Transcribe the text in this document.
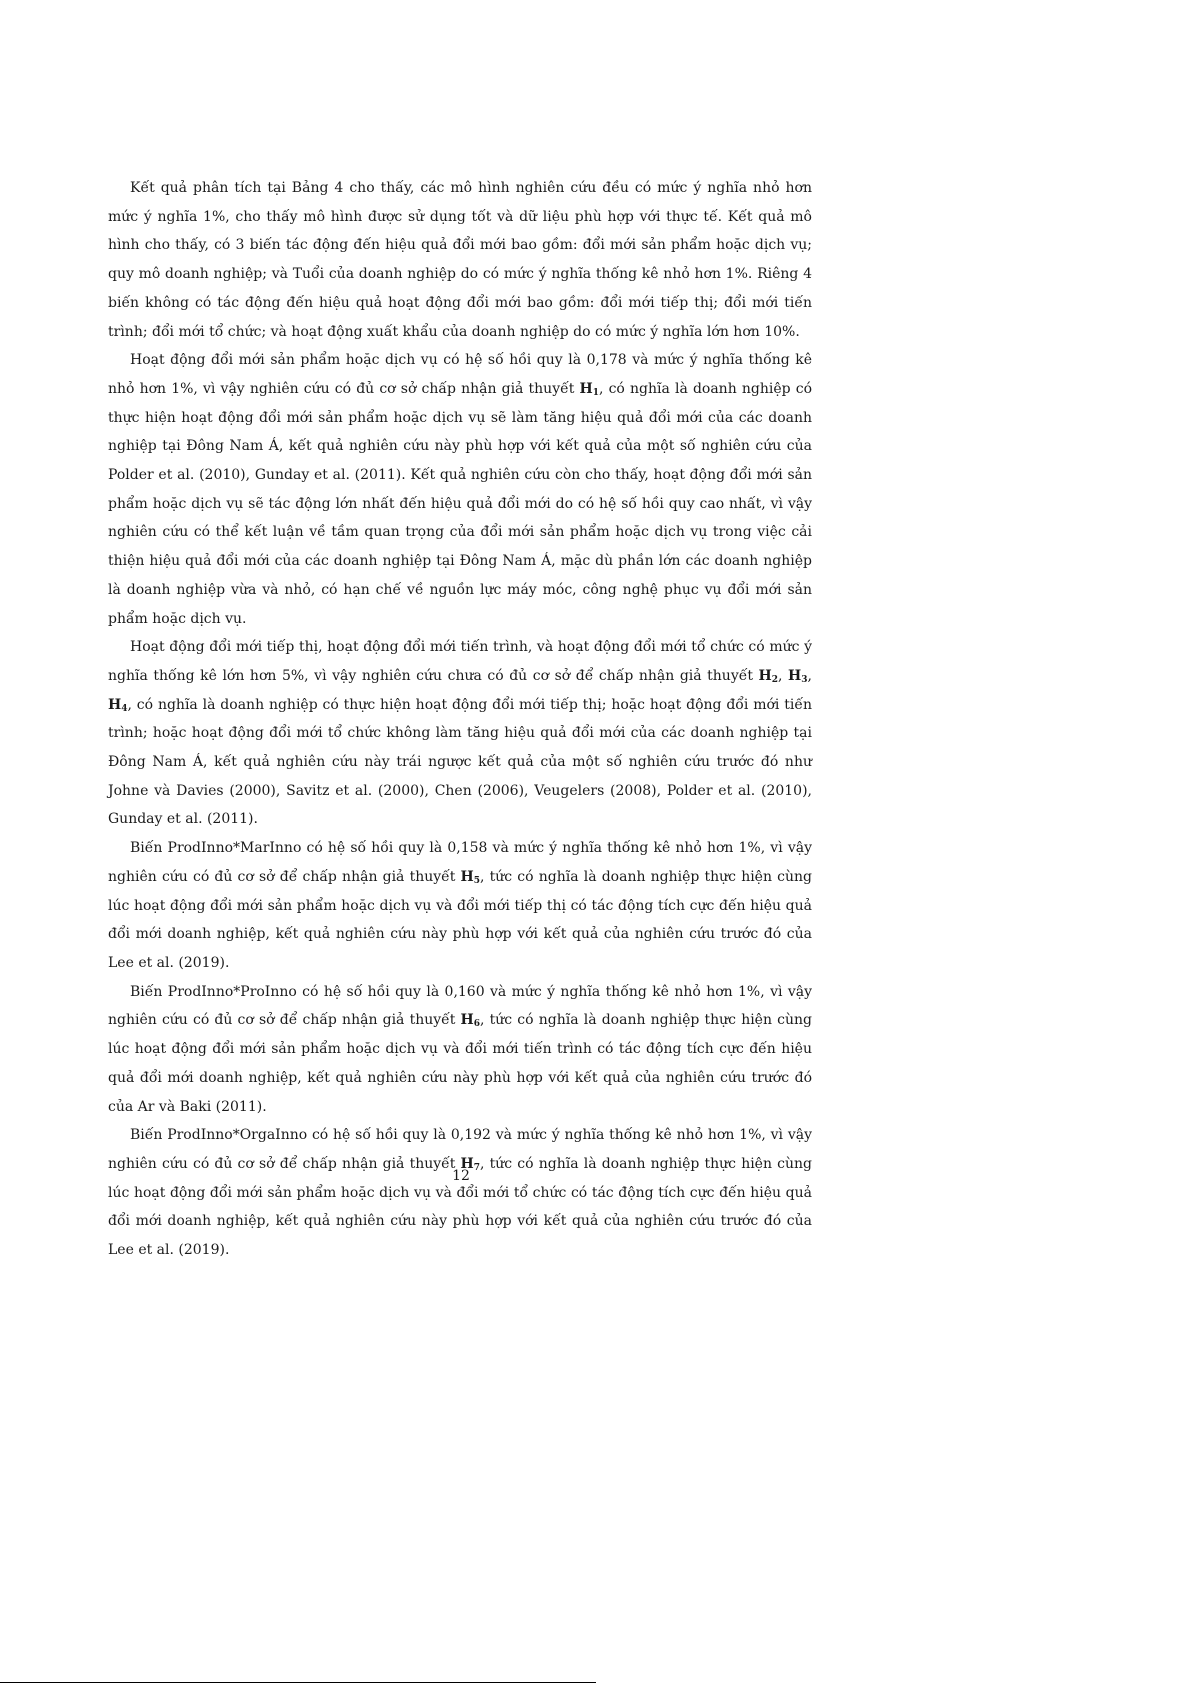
Kết quả phân tích tại Bảng 4 cho thấy, các mô hình nghiên cứu đều có mức ý nghĩa nhỏ hơn mức ý nghĩa 1%, cho thấy mô hình được sử dụng tốt và dữ liệu phù hợp với thực tế. Kết quả mô hình cho thấy, có 3 biến tác động đến hiệu quả đổi mới bao gồm: đổi mới sản phẩm hoặc dịch vụ; quy mô doanh nghiệp; và Tuổi của doanh nghiệp do có mức ý nghĩa thống kê nhỏ hơn 1%. Riêng 4 biến không có tác động đến hiệu quả hoạt động đổi mới bao gồm: đổi mới tiếp thị; đổi mới tiến trình; đổi mới tổ chức; và hoạt động xuất khẩu của doanh nghiệp do có mức ý nghĩa lớn hơn 10%.

Hoạt động đổi mới sản phẩm hoặc dịch vụ có hệ số hồi quy là 0,178 và mức ý nghĩa thống kê nhỏ hơn 1%, vì vậy nghiên cứu có đủ cơ sở chấp nhận giả thuyết $H_1$, có nghĩa là doanh nghiệp có thực hiện hoạt động đổi mới sản phẩm hoặc dịch vụ sẽ làm tăng hiệu quả đổi mới của các doanh nghiệp tại Đông Nam Á, kết quả nghiên cứu này phù hợp với kết quả của một số nghiên cứu của Polder et al. (2010), Gunday et al. (2011). Kết quả nghiên cứu còn cho thấy, hoạt động đổi mới sản phẩm hoặc dịch vụ sẽ tác động lớn nhất đến hiệu quả đổi mới do có hệ số hồi quy cao nhất, vì vậy nghiên cứu có thể kết luận về tầm quan trọng của đổi mới sản phẩm hoặc dịch vụ trong việc cải thiện hiệu quả đổi mới của các doanh nghiệp tại Đông Nam Á, mặc dù phần lớn các doanh nghiệp là doanh nghiệp vừa và nhỏ, có hạn chế về nguồn lực máy móc, công nghệ phục vụ đổi mới sản phẩm hoặc dịch vụ.

Hoạt động đổi mới tiếp thị, hoạt động đổi mới tiến trình, và hoạt động đổi mới tổ chức có mức ý nghĩa thống kê lớn hơn 5%, vì vậy nghiên cứu chưa có đủ cơ sở để chấp nhận giả thuyết $H_2$, $H_3$, $H_4$, có nghĩa là doanh nghiệp có thực hiện hoạt động đổi mới tiếp thị; hoặc hoạt động đổi mới tiến trình; hoặc hoạt động đổi mới tổ chức không làm tăng hiệu quả đổi mới của các doanh nghiệp tại Đông Nam Á, kết quả nghiên cứu này trái ngược kết quả của một số nghiên cứu trước đó như Johne và Davies (2000), Savitz et al. (2000), Chen (2006), Veugelers (2008), Polder et al. (2010), Gunday et al. (2011).

Biến ProdInno*MarInno có hệ số hồi quy là 0,158 và mức ý nghĩa thống kê nhỏ hơn 1%, vì vậy nghiên cứu có đủ cơ sở để chấp nhận giả thuyết $H_5$, tức có nghĩa là doanh nghiệp thực hiện cùng lúc hoạt động đổi mới sản phẩm hoặc dịch vụ và đổi mới tiếp thị có tác động tích cực đến hiệu quả đổi mới doanh nghiệp, kết quả nghiên cứu này phù hợp với kết quả của nghiên cứu trước đó của Lee et al. (2019).

Biến ProdInno*ProInno có hệ số hồi quy là 0,160 và mức ý nghĩa thống kê nhỏ hơn 1%, vì vậy nghiên cứu có đủ cơ sở để chấp nhận giả thuyết $H_6$, tức có nghĩa là doanh nghiệp thực hiện cùng lúc hoạt động đổi mới sản phẩm hoặc dịch vụ và đổi mới tiến trình có tác động tích cực đến hiệu quả đổi mới doanh nghiệp, kết quả nghiên cứu này phù hợp với kết quả của nghiên cứu trước đó của Ar và Baki (2011).

Biến ProdInno*OrgaInno có hệ số hồi quy là 0,192 và mức ý nghĩa thống kê nhỏ hơn 1%, vì vậy nghiên cứu có đủ cơ sở để chấp nhận giả thuyết $H_7$, tức có nghĩa là doanh nghiệp thực hiện cùng lúc hoạt động đổi mới sản phẩm hoặc dịch vụ và đổi mới tổ chức có tác động tích cực đến hiệu quả đổi mới doanh nghiệp, kết quả nghiên cứu này phù hợp với kết quả của nghiên cứu trước đó của Lee et al. (2019).

12
